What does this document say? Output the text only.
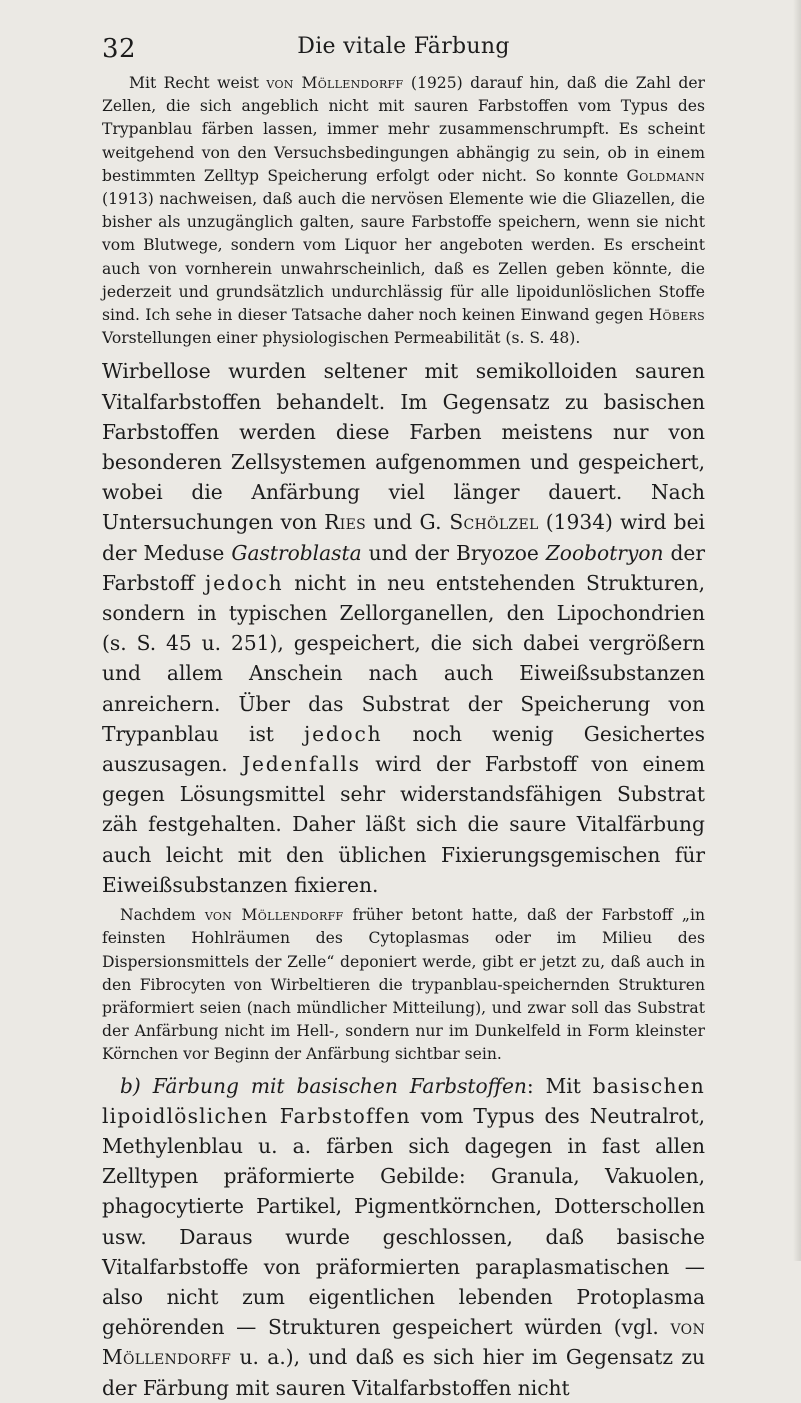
32	Die vitale Färbung

Mit Recht weist von Möllendorff (1925) darauf hin, daß die Zahl der Zellen, die sich angeblich nicht mit sauren Farbstoffen vom Typus des Trypanblau färben lassen, immer mehr zusammenschrumpft. Es scheint weitgehend von den Versuchsbedingungen abhängig zu sein, ob in einem bestimmten Zelltyp Speicherung erfolgt oder nicht. So konnte Goldmann (1913) nachweisen, daß auch die nervösen Elemente wie die Gliazellen, die bisher als unzugänglich galten, saure Farbstoffe speichern, wenn sie nicht vom Blutwege, sondern vom Liquor her angeboten werden. Es erscheint auch von vornherein unwahrscheinlich, daß es Zellen geben könnte, die jederzeit und grundsätzlich undurchlässig für alle lipoidunlöslichen Stoffe sind. Ich sehe in dieser Tatsache daher noch keinen Einwand gegen Höbers Vorstellungen einer physiologischen Permeabilität (s. S. 48).

Wirbellose wurden seltener mit semikolloiden sauren Vitalfarbstoffen behandelt. Im Gegensatz zu basischen Farbstoffen werden diese Farben meistens nur von besonderen Zellsystemen aufgenommen und gespeichert, wobei die Anfärbung viel länger dauert. Nach Untersuchungen von Ries und G. Schölzel (1934) wird bei der Meduse Gastroblasta und der Bryozoe Zoobotryon der Farbstoff jedoch nicht in neu entstehenden Strukturen, sondern in typischen Zellorganellen, den Lipochondrien (s. S. 45 u. 251), gespeichert, die sich dabei vergrößern und allem Anschein nach auch Eiweißsubstanzen anreichern. Über das Substrat der Speicherung von Trypanblau ist jedoch noch wenig Gesichertes auszusagen. Jedenfalls wird der Farbstoff von einem gegen Lösungsmittel sehr widerstandsfähigen Substrat zäh festgehalten. Daher läßt sich die saure Vitalfärbung auch leicht mit den üblichen Fixierungsgemischen für Eiweißsubstanzen fixieren.

Nachdem von Möllendorff früher betont hatte, daß der Farbstoff „in feinsten Hohlräumen des Cytoplasmas oder im Milieu des Dispersionsmittels der Zelle“ deponiert werde, gibt er jetzt zu, daß auch in den Fibrocyten von Wirbeltieren die trypanblau-speichernden Strukturen präformiert seien (nach mündlicher Mitteilung), und zwar soll das Substrat der Anfärbung nicht im Hell-, sondern nur im Dunkelfeld in Form kleinster Körnchen vor Beginn der Anfärbung sichtbar sein.

b) Färbung mit basischen Farbstoffen: Mit basischen lipoidlöslichen Farbstoffen vom Typus des Neutralrot, Methylenblau u. a. färben sich dagegen in fast allen Zelltypen präformierte Gebilde: Granula, Vakuolen, phagocytierte Partikel, Pigmentkörnchen, Dotterschollen usw. Daraus wurde geschlossen, daß basische Vitalfarbstoffe von präformierten paraplasmatischen — also nicht zum eigentlichen lebenden Protoplasma gehörenden — Strukturen gespeichert würden (vgl. von Möllendorff u. a.), und daß es sich hier im Gegensatz zu der Färbung mit sauren Vitalfarbstoffen nicht
